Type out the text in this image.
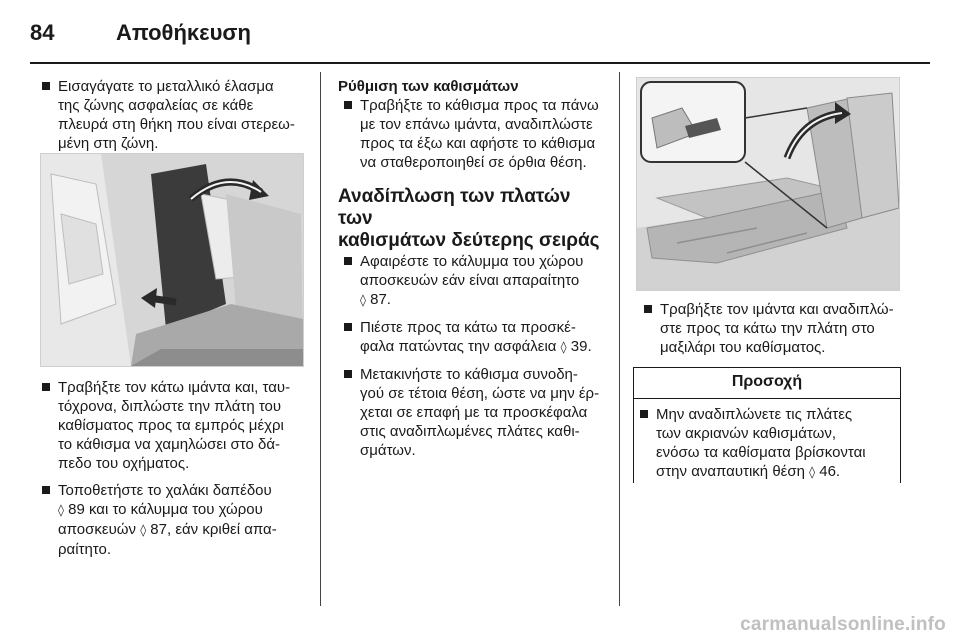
84	Αποθήκευση
Εισαγάγατε το μεταλλικό έλασμα
της ζώνης ασφαλείας σε κάθε
πλευρά στη θήκη που είναι στερεω-
μένη στη ζώνη.
Τραβήξτε τον κάτω ιμάντα και, ταυ-
τόχρονα, διπλώστε την πλάτη του
καθίσματος προς τα εμπρός μέχρι
το κάθισμα να χαμηλώσει στο δά-
πεδο του οχήματος.
Τοποθετήστε το χαλάκι δαπέδου
◊ 89 και το κάλυμμα του χώρου
αποσκευών ◊ 87, εάν κριθεί απα-
ραίτητο.
Ρύθμιση των καθισμάτων
Τραβήξτε το κάθισμα προς τα πάνω
με τον επάνω ιμάντα, αναδιπλώστε
προς τα έξω και αφήστε το κάθισμα
να σταθεροποιηθεί σε όρθια θέση.
Αναδίπλωση των πλατών των
καθισμάτων δεύτερης σειράς
Αφαιρέστε το κάλυμμα του χώρου
αποσκευών εάν είναι απαραίτητο
◊ 87.
Πιέστε προς τα κάτω τα προσκέ-
φαλα πατώντας την ασφάλεια ◊ 39.
Μετακινήστε το κάθισμα συνοδη-
γού σε τέτοια θέση, ώστε να μην έρ-
χεται σε επαφή με τα προσκέφαλα
στις αναδιπλωμένες πλάτες καθι-
σμάτων.
Τραβήξτε τον ιμάντα και αναδιπλώ-
στε προς τα κάτω την πλάτη στο
μαξιλάρι του καθίσματος.
Προσοχή
Μην αναδιπλώνετε τις πλάτες
των ακριανών καθισμάτων,
ενόσω τα καθίσματα βρίσκονται
στην αναπαυτική θέση ◊ 46.
carmanualsonline.info
